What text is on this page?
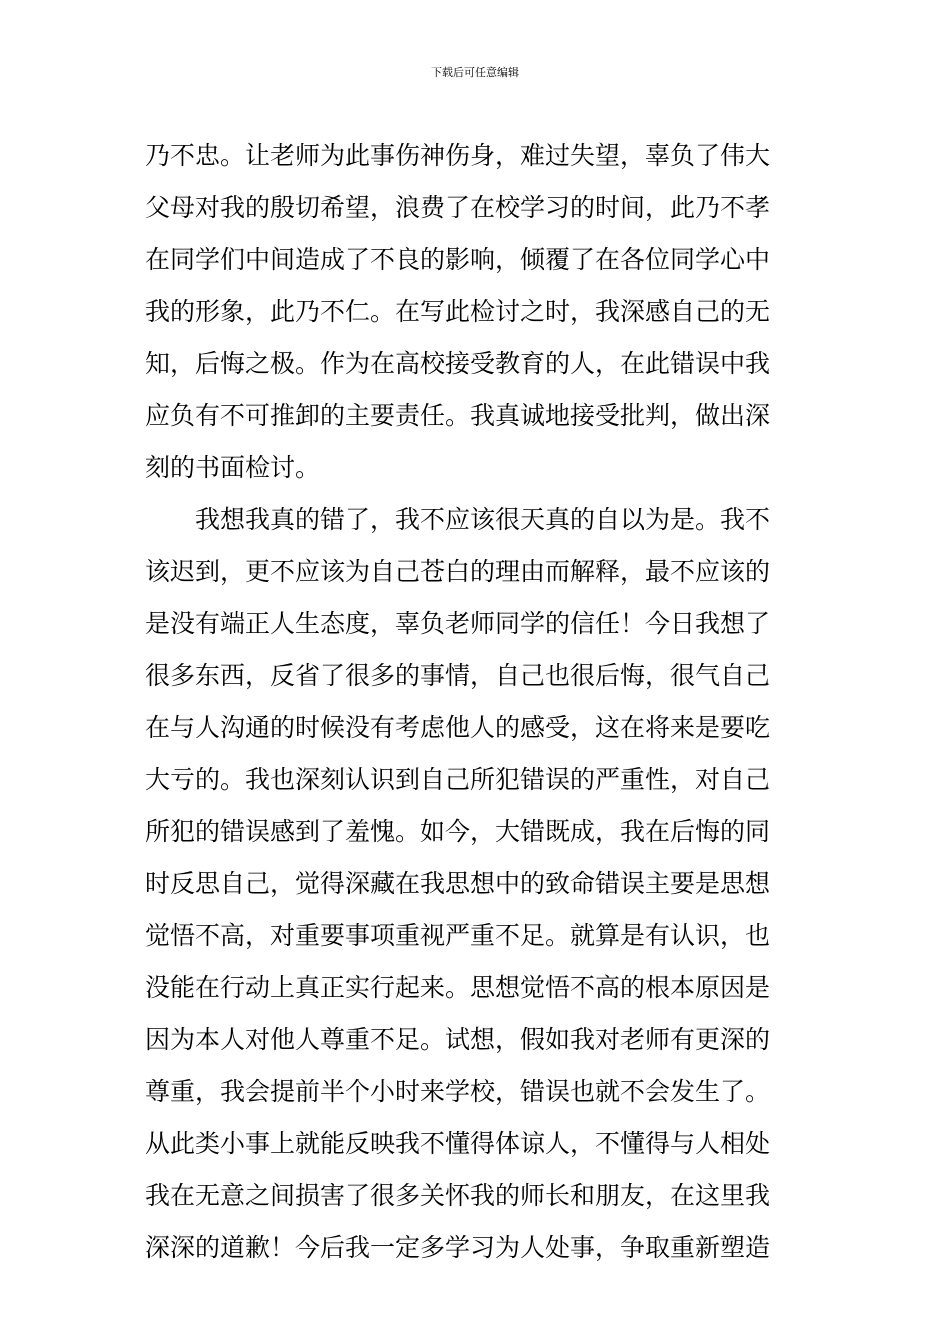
下载后可任意编辑
乃不忠。让老师为此事伤神伤身，难过失望，辜负了伟大
父母对我的殷切希望，浪费了在校学习的时间，此乃不孝
在同学们中间造成了不良的影响，倾覆了在各位同学心中
我的形象，此乃不仁。在写此检讨之时，我深感自己的无
知，后悔之极。作为在高校接受教育的人，在此错误中我
应负有不可推卸的主要责任。我真诚地接受批判，做出深
刻的书面检讨。
我想我真的错了，我不应该很天真的自以为是。我不
该迟到，更不应该为自己苍白的理由而解释，最不应该的
是没有端正人生态度，辜负老师同学的信任！今日我想了
很多东西，反省了很多的事情，自己也很后悔，很气自己
在与人沟通的时候没有考虑他人的感受，这在将来是要吃
大亏的。我也深刻认识到自己所犯错误的严重性，对自己
所犯的错误感到了羞愧。如今，大错既成，我在后悔的同
时反思自己，觉得深藏在我思想中的致命错误主要是思想
觉悟不高，对重要事项重视严重不足。就算是有认识，也
没能在行动上真正实行起来。思想觉悟不高的根本原因是
因为本人对他人尊重不足。试想，假如我对老师有更深的
尊重，我会提前半个小时来学校，错误也就不会发生了。
从此类小事上就能反映我不懂得体谅人，不懂得与人相处
我在无意之间损害了很多关怀我的师长和朋友，在这里我
深深的道歉！今后我一定多学习为人处事，争取重新塑造
